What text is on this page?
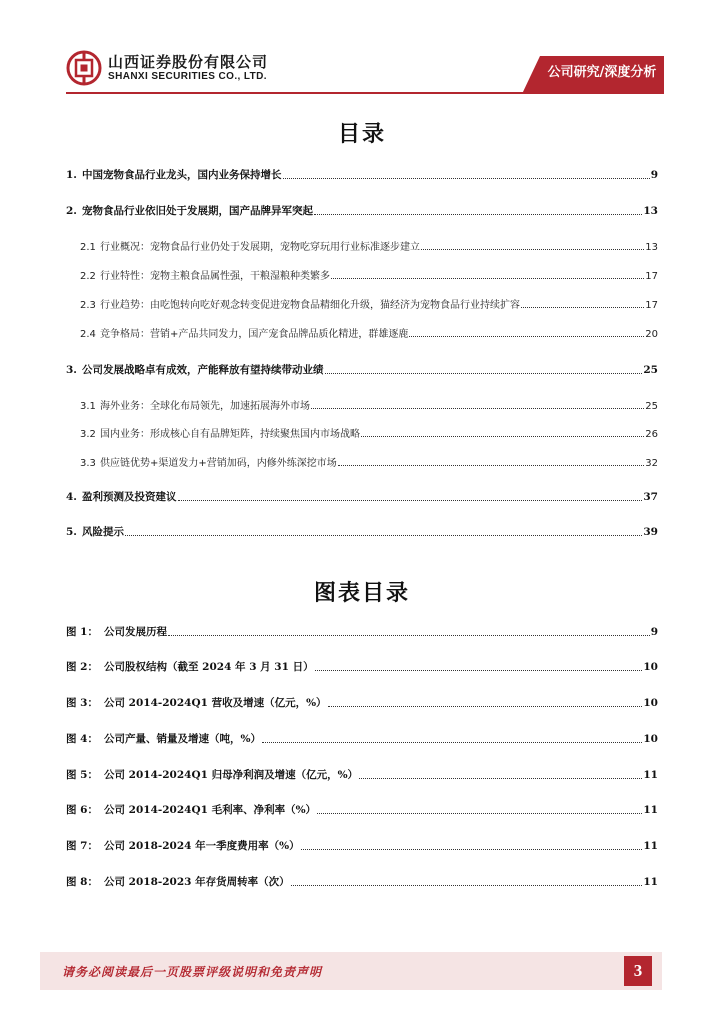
山西证券股份有限公司
SHANXI SECURITIES CO., LTD.	公司研究/深度分析
目录
1. 中国宠物食品行业龙头，国内业务保持增长	9
2. 宠物食品行业依旧处于发展期，国产品牌异军突起	13
2.1 行业概况：宠物食品行业仍处于发展期，宠物吃穿玩用行业标准逐步建立	13
2.2 行业特性：宠物主粮食品属性强，干粮湿粮种类繁多	17
2.3 行业趋势：由吃饱转向吃好观念转变促进宠物食品精细化升级，猫经济为宠物食品行业持续扩容	17
2.4 竞争格局：营销+产品共同发力，国产宠食品牌品质化精进，群雄逐鹿	20
3. 公司发展战略卓有成效，产能释放有望持续带动业绩	25
3.1 海外业务：全球化布局领先，加速拓展海外市场	25
3.2 国内业务：形成核心自有品牌矩阵，持续聚焦国内市场战略	26
3.3 供应链优势+渠道发力+营销加码，内修外练深挖市场	32
4. 盈利预测及投资建议	37
5. 风险提示	39
图表目录
图 1： 公司发展历程	9
图 2： 公司股权结构（截至 2024 年 3 月 31 日）	10
图 3： 公司 2014-2024Q1 营收及增速（亿元，%）	10
图 4： 公司产量、销量及增速（吨，%）	10
图 5： 公司 2014-2024Q1 归母净利润及增速（亿元，%）	11
图 6： 公司 2014-2024Q1 毛利率、净利率（%）	11
图 7： 公司 2018-2024 年一季度费用率（%）	11
图 8： 公司 2018-2023 年存货周转率（次）	11
请务必阅读最后一页股票评级说明和免责声明	3
